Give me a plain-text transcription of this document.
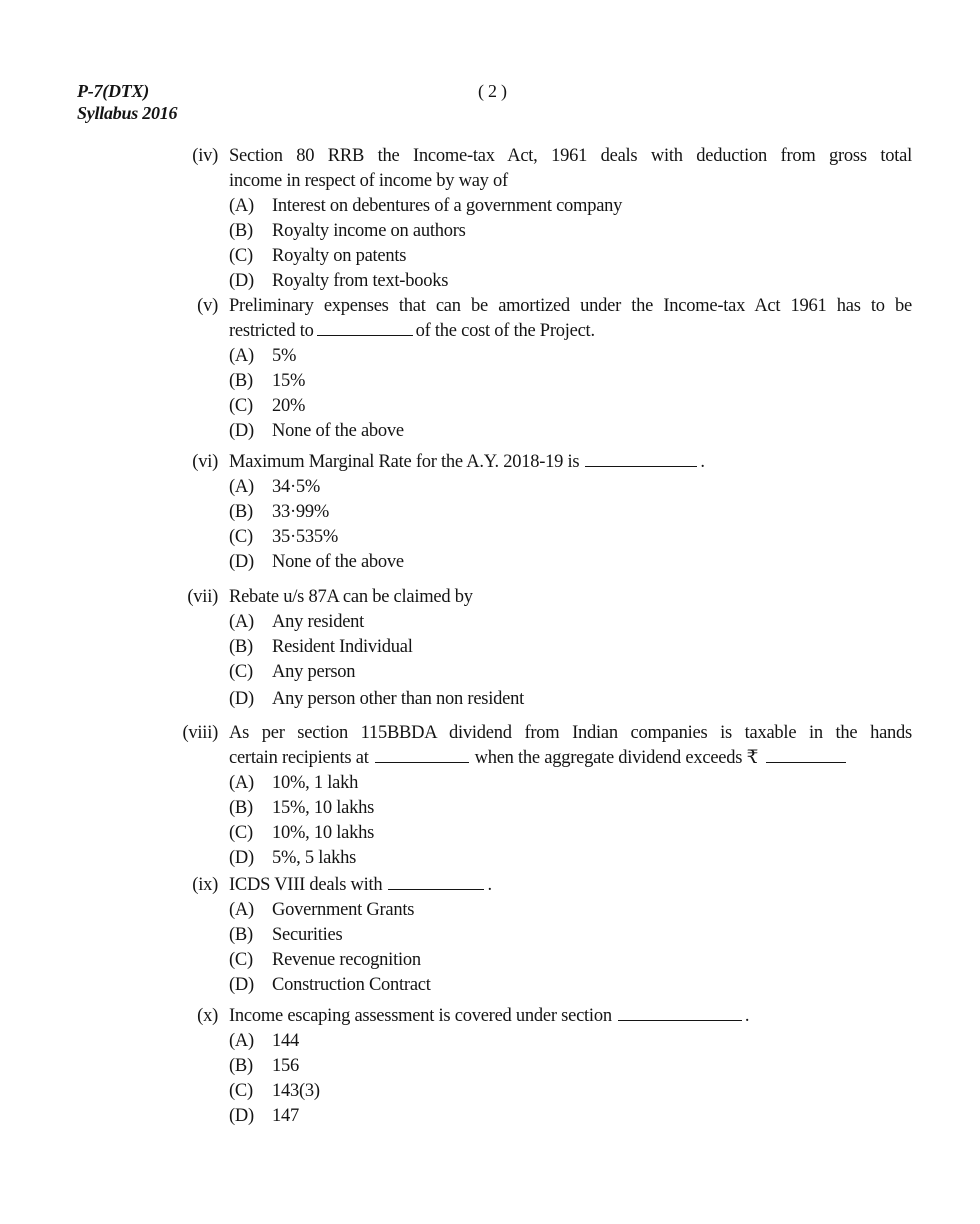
P-7(DTX)
Syllabus 2016
( 2 )
(iv) Section 80 RRB the Income-tax Act, 1961 deals with deduction from gross total
income in respect of income by way of
(A) Interest on debentures of a government company
(B) Royalty income on authors
(C) Royalty on patents
(D) Royalty from text-books
(v) Preliminary expenses that can be amortized under the Income-tax Act 1961 has to be
restricted to	of the cost of the Project.
(A) 5%
(B) 15%
(C) 20%
(D) None of the above
(vi) Maximum Marginal Rate for the A.Y. 2018-19 is	.
(A) 34·5%
(B) 33·99%
(C) 35·535%
(D) None of the above
(vii) Rebate u/s 87A can be claimed by
(A) Any resident
(B) Resident Individual
(C) Any person
(D) Any person other than non resident
(viii) As per section 115BBDA dividend from Indian companies is taxable in the hands
certain recipients at	when the aggregate dividend exceeds ₹
(A) 10%, 1 lakh
(B) 15%, 10 lakhs
(C) 10%, 10 lakhs
(D) 5%, 5 lakhs
(ix) ICDS VIII deals with	.
(A) Government Grants
(B) Securities
(C) Revenue recognition
(D) Construction Contract
(x) Income escaping assessment is covered under section	.
(A) 144
(B) 156
(C) 143(3)
(D) 147
